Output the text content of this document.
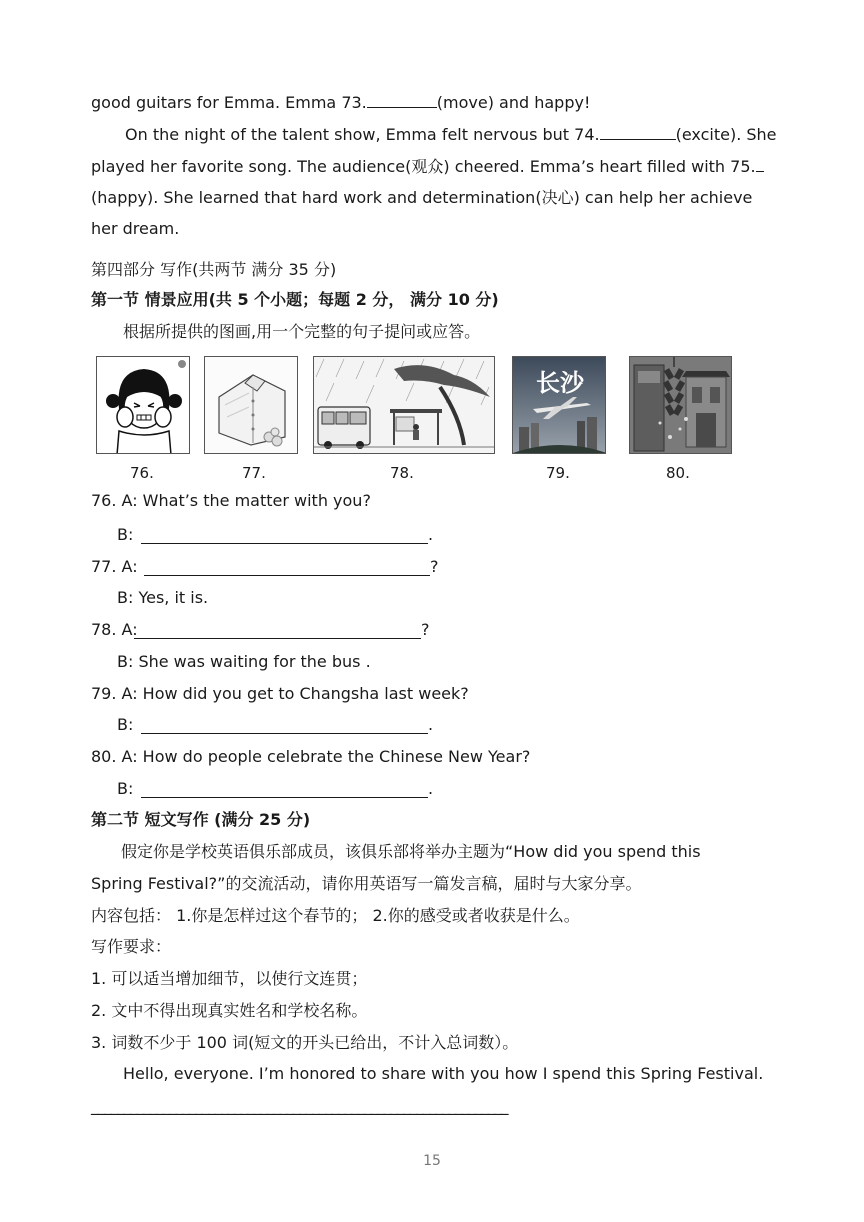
good guitars for Emma. Emma 73.	(move) and happy!
On the night of the talent show, Emma felt nervous but 74.	(excite). She
played her favorite song. The audience(观众) cheered. Emma’s heart filled with 75.
(happy). She learned that hard work and determination(决心) can help her achieve
her dream.
第四部分 写作(共两节 满分 35 分)
第一节 情景应用(共 5 个小题；每题 2 分， 满分 10 分)
根据所提供的图画,用一个完整的句子提问或应答。
长沙
76.	77.	78.	79.	80.
76. A: What’s the matter with you?
B:	.
77. A:	?
B: Yes, it is.
78. A:	?
B: She was waiting for the bus .
79. A: How did you get to Changsha last week?
B:	.
80. A: How do people celebrate the Chinese New Year?
B:	.
第二节 短文写作 (满分 25 分)
假定你是学校英语俱乐部成员，该俱乐部将举办主题为“How did you spend this
Spring Festival?”的交流活动，请你用英语写一篇发言稿，届时与大家分享。
内容包括： 1.你是怎样过这个春节的； 2.你的感受或者收获是什么。
写作要求：
1. 可以适当增加细节，以使行文连贯；
2. 文中不得出现真实姓名和学校名称。
3. 词数不少于 100 词(短文的开头已给出，不计入总词数）。
Hello, everyone. I’m honored to share with you how I spend this Spring Festival.
________________________________________________________________
15
